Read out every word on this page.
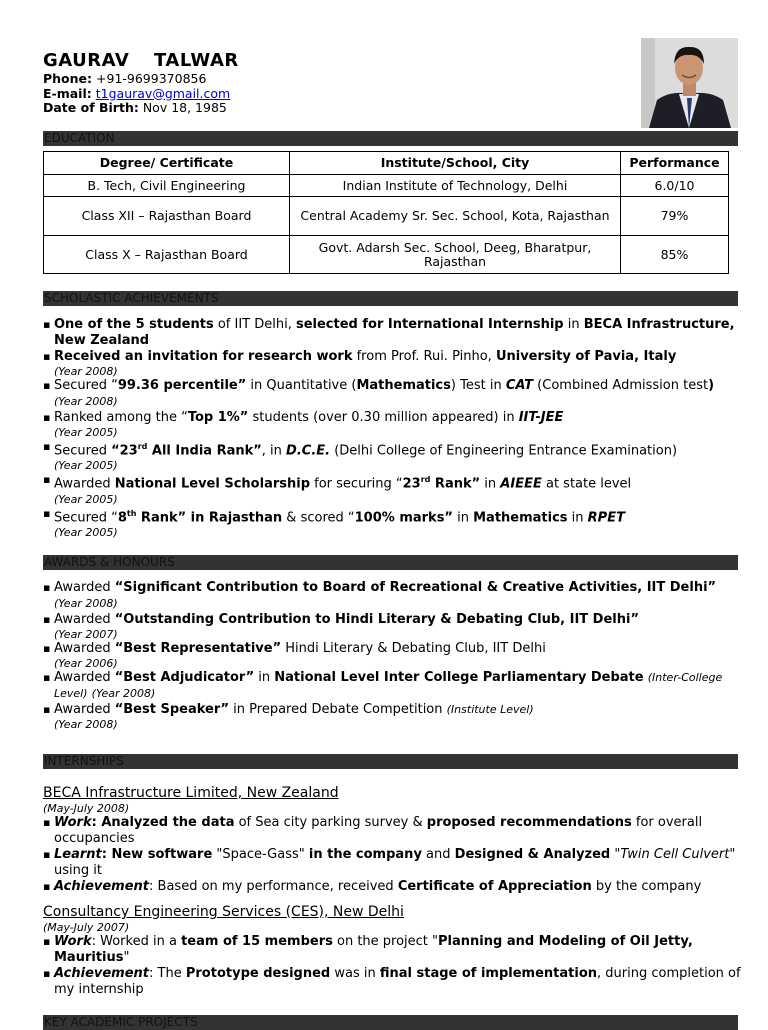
GAURAV TALWAR
Phone: +91-9699370856
E-mail: t1gaurav@gmail.com
Date of Birth: Nov 18, 1985
EDUCATION
Degree/ Certificate	Institute/School, City	Performance
B. Tech, Civil Engineering	Indian Institute of Technology, Delhi	6.0/10
Class XII – Rajasthan Board	Central Academy Sr. Sec. School, Kota, Rajasthan	79%
Class X – Rajasthan Board	Govt. Adarsh Sec. School, Deeg, Bharatpur, Rajasthan	85%
SCHOLASTIC ACHIEVEMENTS
▪ One of the 5 students of IIT Delhi, selected for International Internship in BECA Infrastructure, New Zealand
▪ Received an invitation for research work from Prof. Rui. Pinho, University of Pavia, Italy
(Year 2008)
▪ Secured “99.36 percentile” in Quantitative (Mathematics) Test in CAT (Combined Admission test) (Year 2008)
▪ Ranked among the “Top 1%” students (over 0.30 million appeared) in IIT-JEE
(Year 2005)
▪ Secured “23rd All India Rank”, in D.C.E. (Delhi College of Engineering Entrance Examination)
(Year 2005)
▪ Awarded National Level Scholarship for securing “23rd Rank” in AIEEE at state level
(Year 2005)
▪ Secured “8th Rank” in Rajasthan & scored “100% marks” in Mathematics in RPET
(Year 2005)
AWARDS & HONOURS
▪ Awarded “Significant Contribution to Board of Recreational & Creative Activities, IIT Delhi” (Year 2008)
▪ Awarded “Outstanding Contribution to Hindi Literary & Debating Club, IIT Delhi”
(Year 2007)
▪ Awarded “Best Representative” Hindi Literary & Debating Club, IIT Delhi
(Year 2006)
▪ Awarded “Best Adjudicator” in National Level Inter College Parliamentary Debate (Inter-College Level) (Year 2008)
▪ Awarded “Best Speaker” in Prepared Debate Competition (Institute Level)
(Year 2008)
INTERNSHIPS
BECA Infrastructure Limited, New Zealand
(May-July 2008)
▪ Work: Analyzed the data of Sea city parking survey & proposed recommendations for overall occupancies
▪ Learnt: New software "Space-Gass" in the company and Designed & Analyzed "Twin Cell Culvert" using it
▪ Achievement: Based on my performance, received Certificate of Appreciation by the company
Consultancy Engineering Services (CES), New Delhi
(May-July 2007)
▪ Work: Worked in a team of 15 members on the project "Planning and Modeling of Oil Jetty, Mauritius"
▪ Achievement: The Prototype designed was in final stage of implementation, during completion of my internship
KEY ACADEMIC PROJECTS
